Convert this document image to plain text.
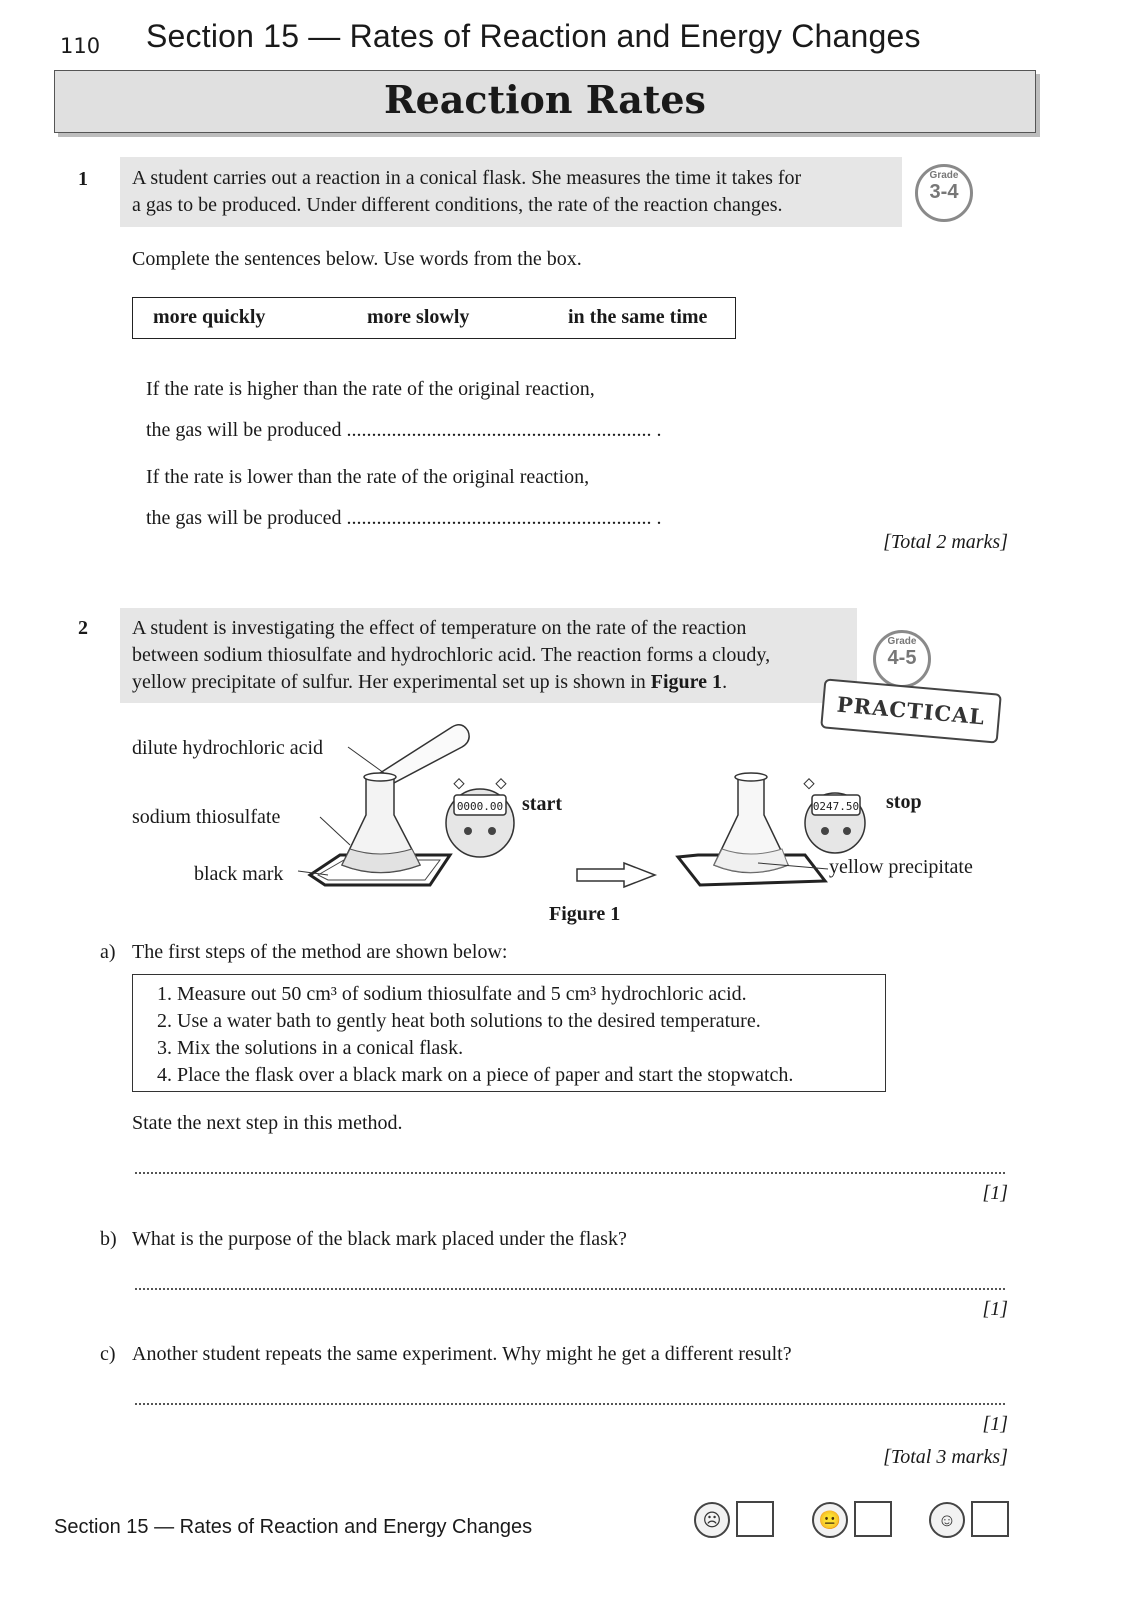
110 Section 15 — Rates of Reaction and Energy Changes
Reaction Rates
1 A student carries out a reaction in a conical flask. She measures the time it takes for
a gas to be produced. Under different conditions, the rate of the reaction changes.
Grade
3-4
Complete the sentences below. Use words from the box.
more quickly	more slowly	in the same time
If the rate is higher than the rate of the original reaction,
the gas will be produced ............................................................. .
If the rate is lower than the rate of the original reaction,
the gas will be produced ............................................................. .
[Total 2 marks]
2 A student is investigating the effect of temperature on the rate of the reaction
between sodium thiosulfate and hydrochloric acid. The reaction forms a cloudy,
yellow precipitate of sulfur. Her experimental set up is shown in Figure 1.
Grade
4-5
PRACTICAL
dilute hydrochloric acid
sodium thiosulfate
black mark	yellow precipitate
start	stop
0000.00	0247.50
Figure 1
a) The first steps of the method are shown below:
1. Measure out 50 cm³ of sodium thiosulfate and 5 cm³ hydrochloric acid.
2. Use a water bath to gently heat both solutions to the desired temperature.
3. Mix the solutions in a conical flask.
4. Place the flask over a black mark on a piece of paper and start the stopwatch.
State the next step in this method.
[1]
b) What is the purpose of the black mark placed under the flask?
[1]
c) Another student repeats the same experiment. Why might he get a different result?
[1]
[Total 3 marks]
Section 15 — Rates of Reaction and Energy Changes	☹	😐	☺
